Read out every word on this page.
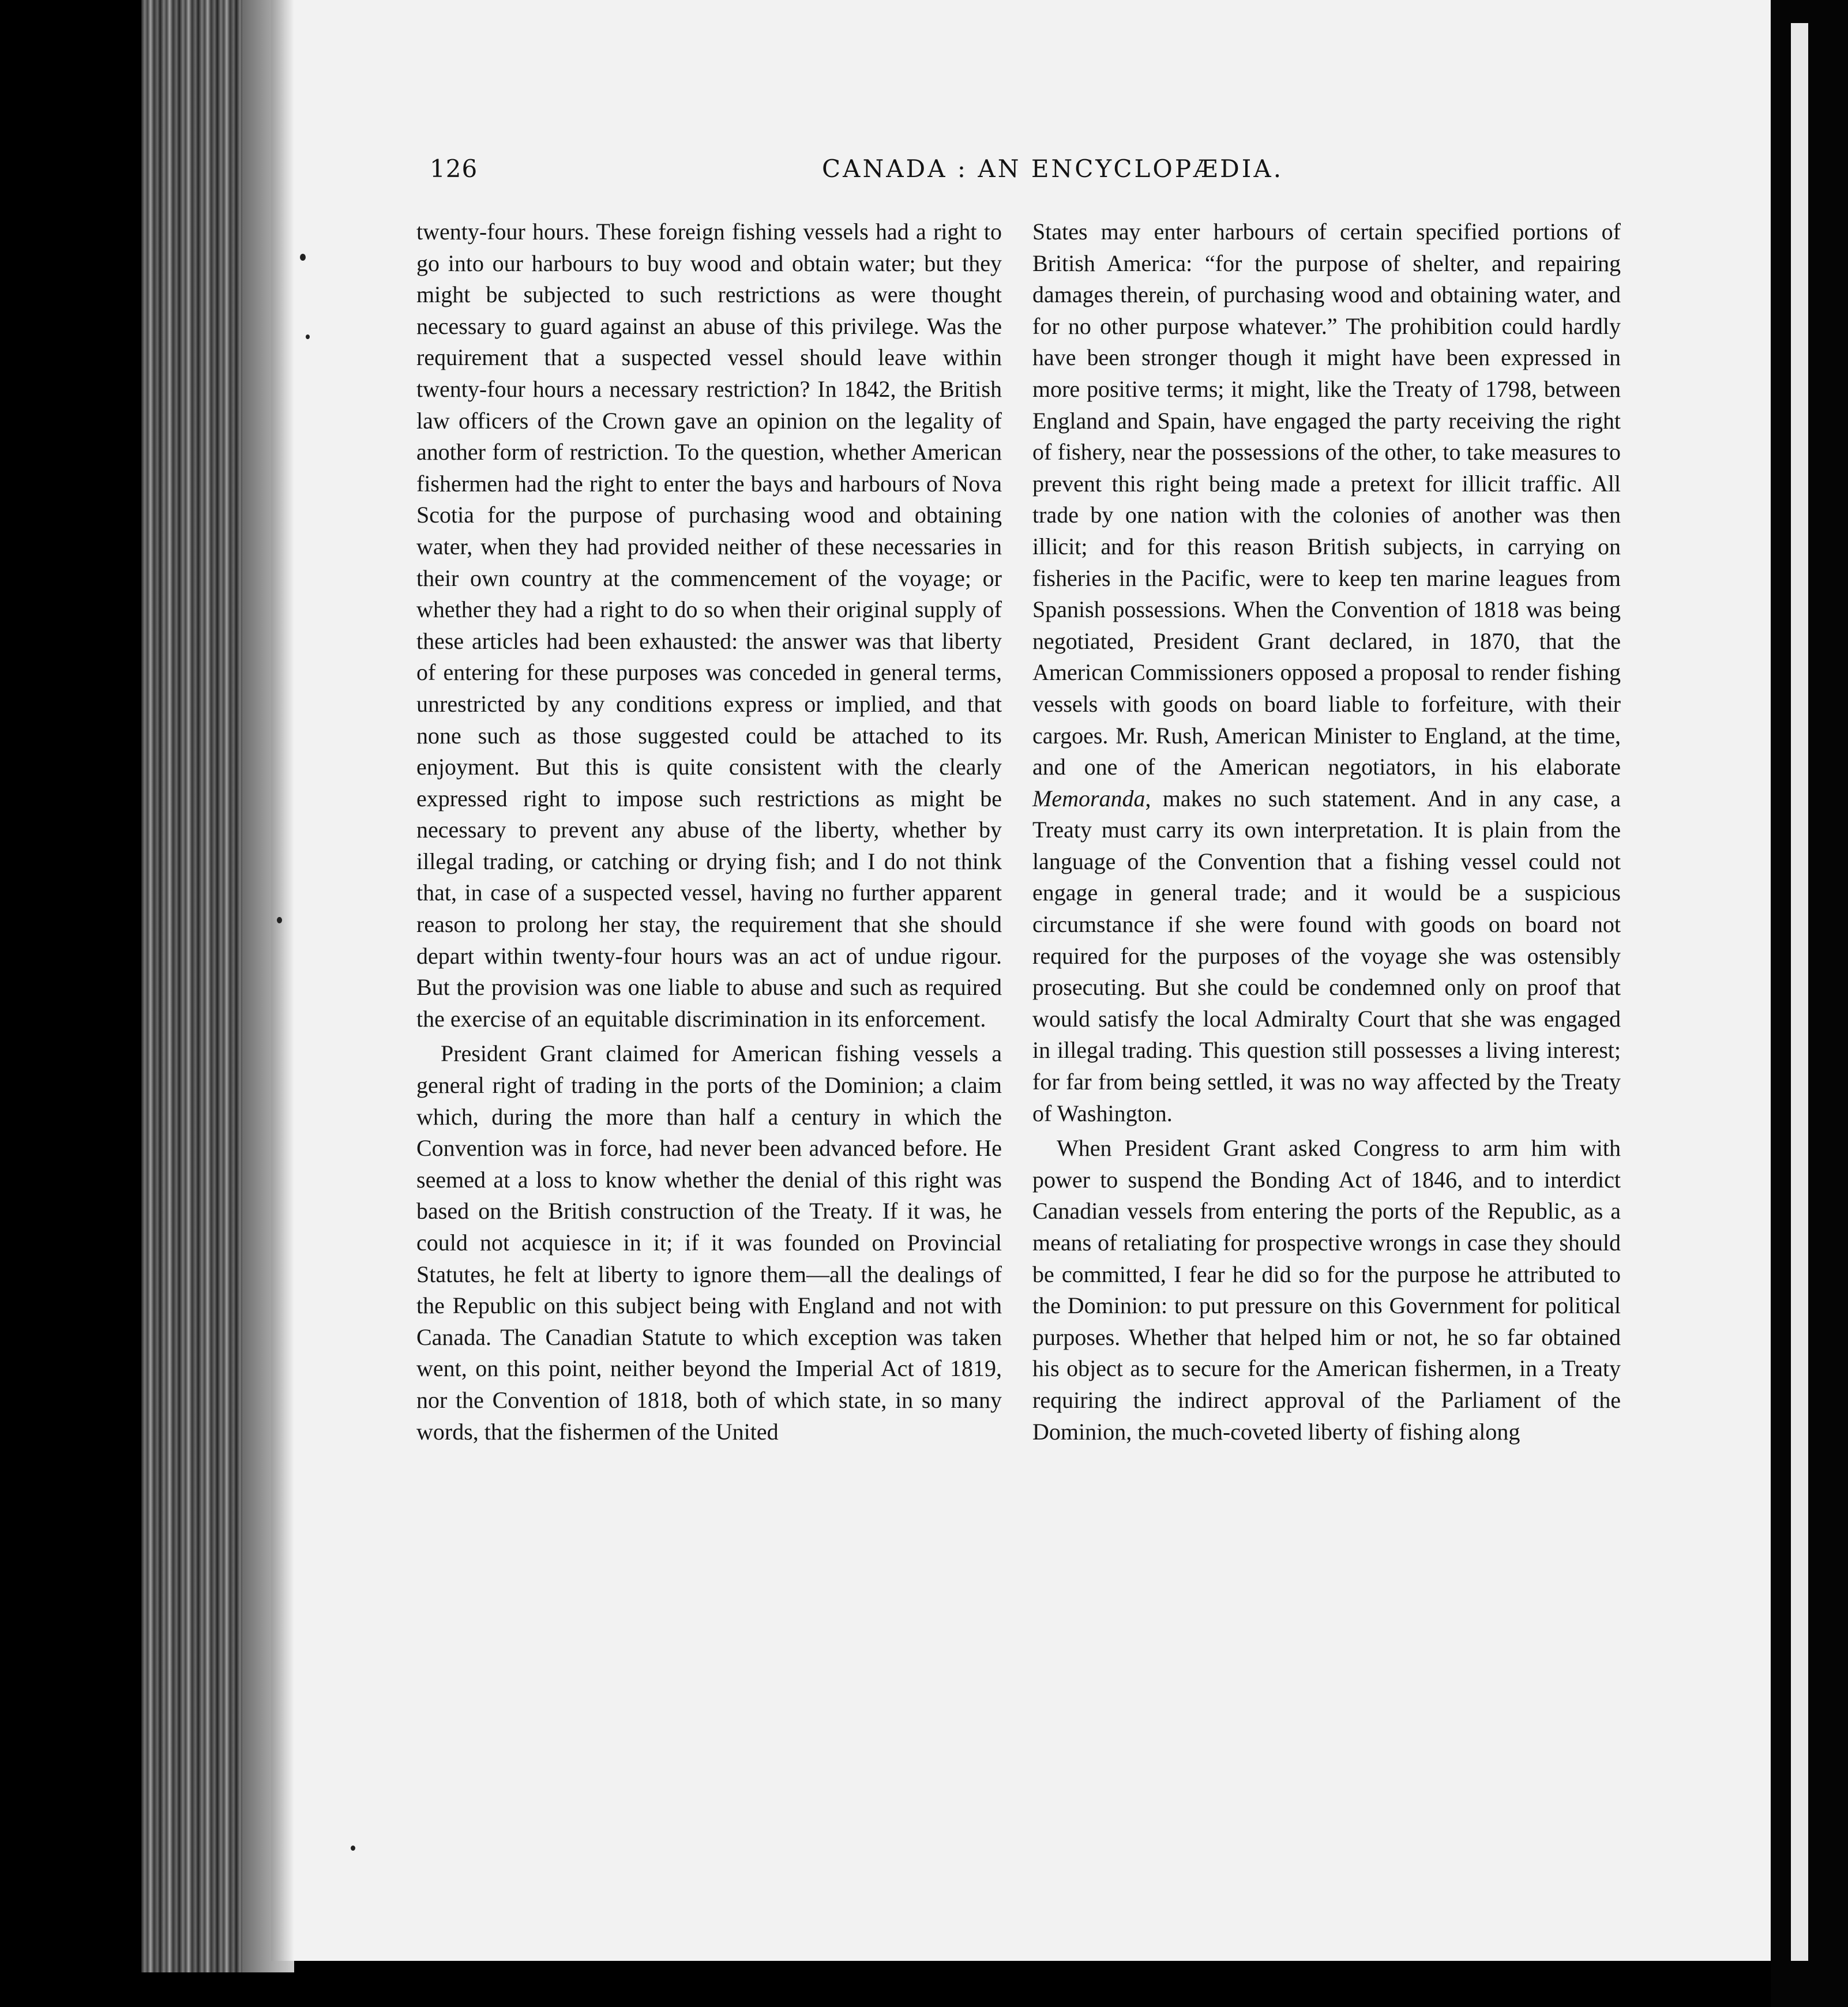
126	CANADA : AN ENCYCLOPÆDIA.

twenty-four hours. These foreign fishing vessels had a right to go into our harbours to buy wood and obtain water; but they might be subjected to such restrictions as were thought necessary to guard against an abuse of this privilege. Was the requirement that a suspected vessel should leave within twenty-four hours a necessary restriction? In 1842, the British law officers of the Crown gave an opinion on the legality of another form of restriction. To the question, whether American fishermen had the right to enter the bays and harbours of Nova Scotia for the purpose of purchasing wood and obtaining water, when they had provided neither of these necessaries in their own country at the commencement of the voyage; or whether they had a right to do so when their original supply of these articles had been exhausted: the answer was that liberty of entering for these purposes was conceded in general terms, unrestricted by any conditions express or implied, and that none such as those suggested could be attached to its enjoyment. But this is quite consistent with the clearly expressed right to impose such restrictions as might be necessary to prevent any abuse of the liberty, whether by illegal trading, or catching or drying fish; and I do not think that, in case of a suspected vessel, having no further apparent reason to prolong her stay, the requirement that she should depart within twenty-four hours was an act of undue rigour. But the provision was one liable to abuse and such as required the exercise of an equitable discrimination in its enforcement.

President Grant claimed for American fishing vessels a general right of trading in the ports of the Dominion; a claim which, during the more than half a century in which the Convention was in force, had never been advanced before. He seemed at a loss to know whether the denial of this right was based on the British construction of the Treaty. If it was, he could not acquiesce in it; if it was founded on Provincial Statutes, he felt at liberty to ignore them—all the dealings of the Republic on this subject being with England and not with Canada. The Canadian Statute to which exception was taken went, on this point, neither beyond the Imperial Act of 1819, nor the Convention of 1818, both of which state, in so many words, that the fishermen of the United

States may enter harbours of certain specified portions of British America: “for the purpose of shelter, and repairing damages therein, of purchasing wood and obtaining water, and for no other purpose whatever.” The prohibition could hardly have been stronger though it might have been expressed in more positive terms; it might, like the Treaty of 1798, between England and Spain, have engaged the party receiving the right of fishery, near the possessions of the other, to take measures to prevent this right being made a pretext for illicit traffic. All trade by one nation with the colonies of another was then illicit; and for this reason British subjects, in carrying on fisheries in the Pacific, were to keep ten marine leagues from Spanish possessions. When the Convention of 1818 was being negotiated, President Grant declared, in 1870, that the American Commissioners opposed a proposal to render fishing vessels with goods on board liable to forfeiture, with their cargoes. Mr. Rush, American Minister to England, at the time, and one of the American negotiators, in his elaborate Memoranda, makes no such statement. And in any case, a Treaty must carry its own interpretation. It is plain from the language of the Convention that a fishing vessel could not engage in general trade; and it would be a suspicious circumstance if she were found with goods on board not required for the purposes of the voyage she was ostensibly prosecuting. But she could be condemned only on proof that would satisfy the local Admiralty Court that she was engaged in illegal trading. This question still possesses a living interest; for far from being settled, it was no way affected by the Treaty of Washington.

When President Grant asked Congress to arm him with power to suspend the Bonding Act of 1846, and to interdict Canadian vessels from entering the ports of the Republic, as a means of retaliating for prospective wrongs in case they should be committed, I fear he did so for the purpose he attributed to the Dominion: to put pressure on this Government for political purposes. Whether that helped him or not, he so far obtained his object as to secure for the American fishermen, in a Treaty requiring the indirect approval of the Parliament of the Dominion, the much-coveted liberty of fishing along
